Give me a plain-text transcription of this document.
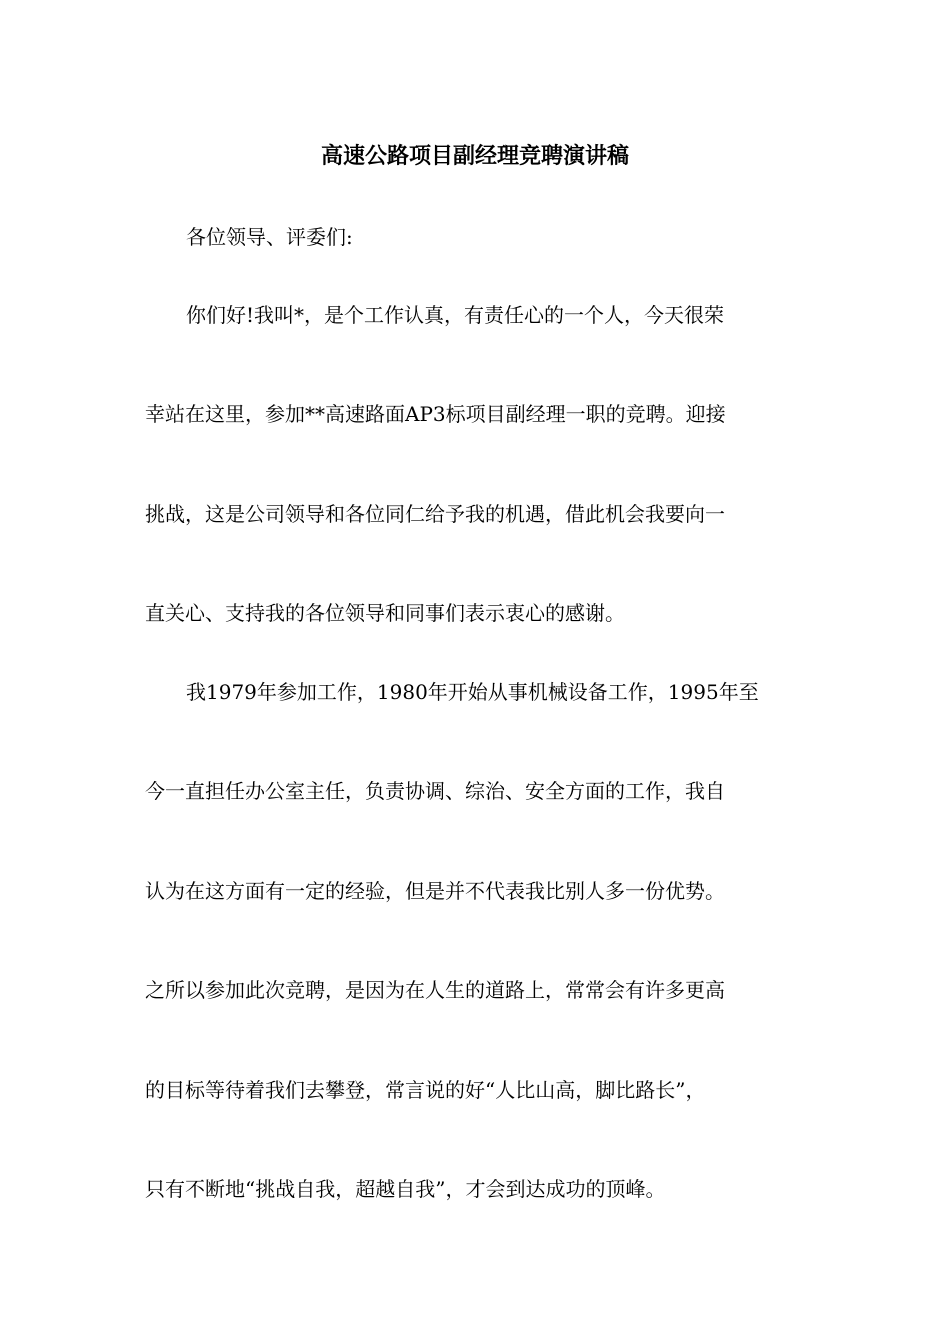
高速公路项目副经理竞聘演讲稿
各位领导、评委们:
你们好!我叫*，是个工作认真，有责任心的一个人，今天很荣
幸站在这里，参加**高速路面AP3标项目副经理一职的竞聘。迎接
挑战，这是公司领导和各位同仁给予我的机遇，借此机会我要向一
直关心、支持我的各位领导和同事们表示衷心的感谢。
我1979年参加工作，1980年开始从事机械设备工作，1995年至
今一直担任办公室主任，负责协调、综治、安全方面的工作，我自
认为在这方面有一定的经验，但是并不代表我比别人多一份优势。
之所以参加此次竞聘，是因为在人生的道路上，常常会有许多更高
的目标等待着我们去攀登，常言说的好“人比山高，脚比路长”，
只有不断地“挑战自我，超越自我”，才会到达成功的顶峰。
